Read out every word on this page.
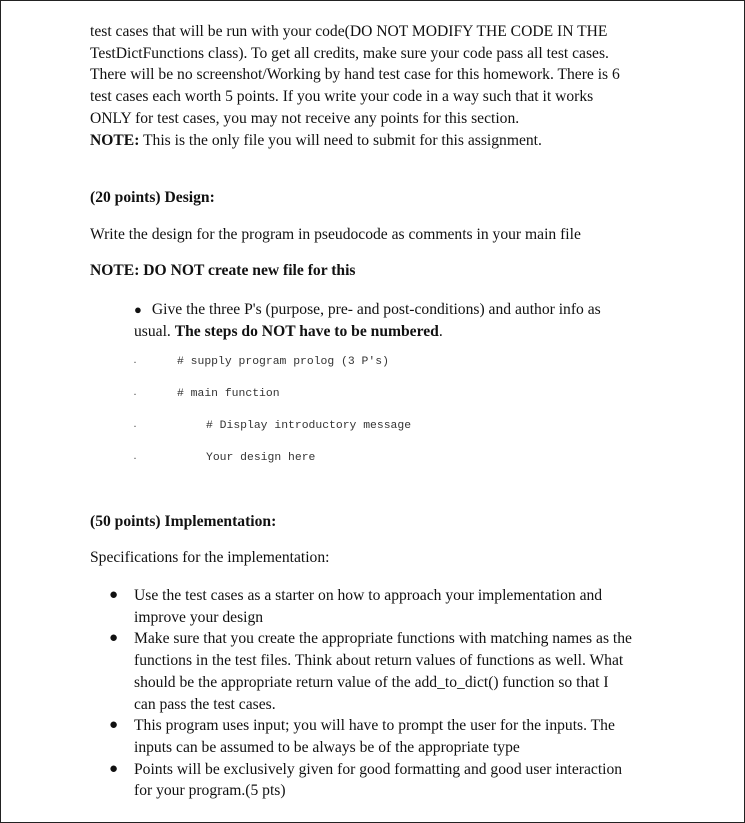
test cases that will be run with your code(DO NOT MODIFY THE CODE IN THE
TestDictFunctions class). To get all credits, make sure your code pass all test cases.
There will be no screenshot/Working by hand test case for this homework. There is 6
test cases each worth 5 points. If you write your code in a way such that it works
ONLY for test cases, you may not receive any points for this section.
NOTE: This is the only file you will need to submit for this assignment.
(20 points) Design:
Write the design for the program in pseudocode as comments in your main file
NOTE: DO NOT create new file for this
● Give the three P's (purpose, pre- and post-conditions) and author info as
usual. The steps do NOT have to be numbered.
·	# supply program prolog (3 P's)
·	# main function
·	# Display introductory message
·	Your design here
(50 points) Implementation:
Specifications for the implementation:
● Use the test cases as a starter on how to approach your implementation and
improve your design
● Make sure that you create the appropriate functions with matching names as the
functions in the test files. Think about return values of functions as well. What
should be the appropriate return value of the add_to_dict() function so that I
can pass the test cases.
● This program uses input; you will have to prompt the user for the inputs. The
inputs can be assumed to be always be of the appropriate type
● Points will be exclusively given for good formatting and good user interaction
for your program.(5 pts)
